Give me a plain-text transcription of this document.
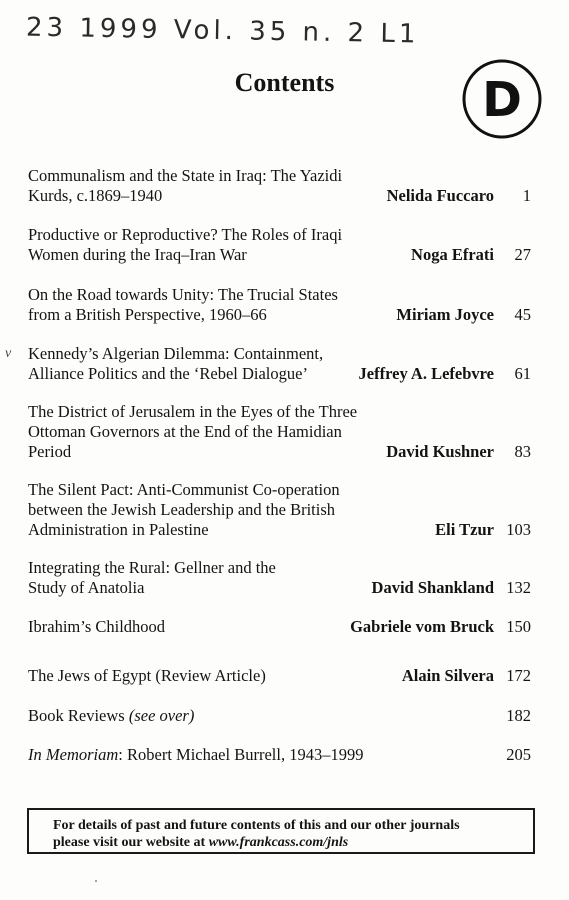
23 1999 Vol. 35 n. 2 L1
Contents	D
v
Communalism and the State in Iraq: The Yazidi
Kurds, c.1869–1940	Nelida Fuccaro 1
Productive or Reproductive? The Roles of Iraqi
Women during the Iraq–Iran War	Noga Efrati 27
On the Road towards Unity: The Trucial States
from a British Perspective, 1960–66	Miriam Joyce 45
Kennedy’s Algerian Dilemma: Containment,
Alliance Politics and the ‘Rebel Dialogue’	Jeffrey A. Lefebvre 61
The District of Jerusalem in the Eyes of the Three
Ottoman Governors at the End of the Hamidian
Period	David Kushner 83
The Silent Pact: Anti-Communist Co-operation
between the Jewish Leadership and the British
Administration in Palestine	Eli Tzur 103
Integrating the Rural: Gellner and the
Study of Anatolia	David Shankland 132
Ibrahim’s Childhood	Gabriele vom Bruck 150
The Jews of Egypt (Review Article)	Alain Silvera 172
Book Reviews (see over)	182
In Memoriam: Robert Michael Burrell, 1943–1999	205
For details of past and future contents of this and our other journals
please visit our website at www.frankcass.com/jnls
